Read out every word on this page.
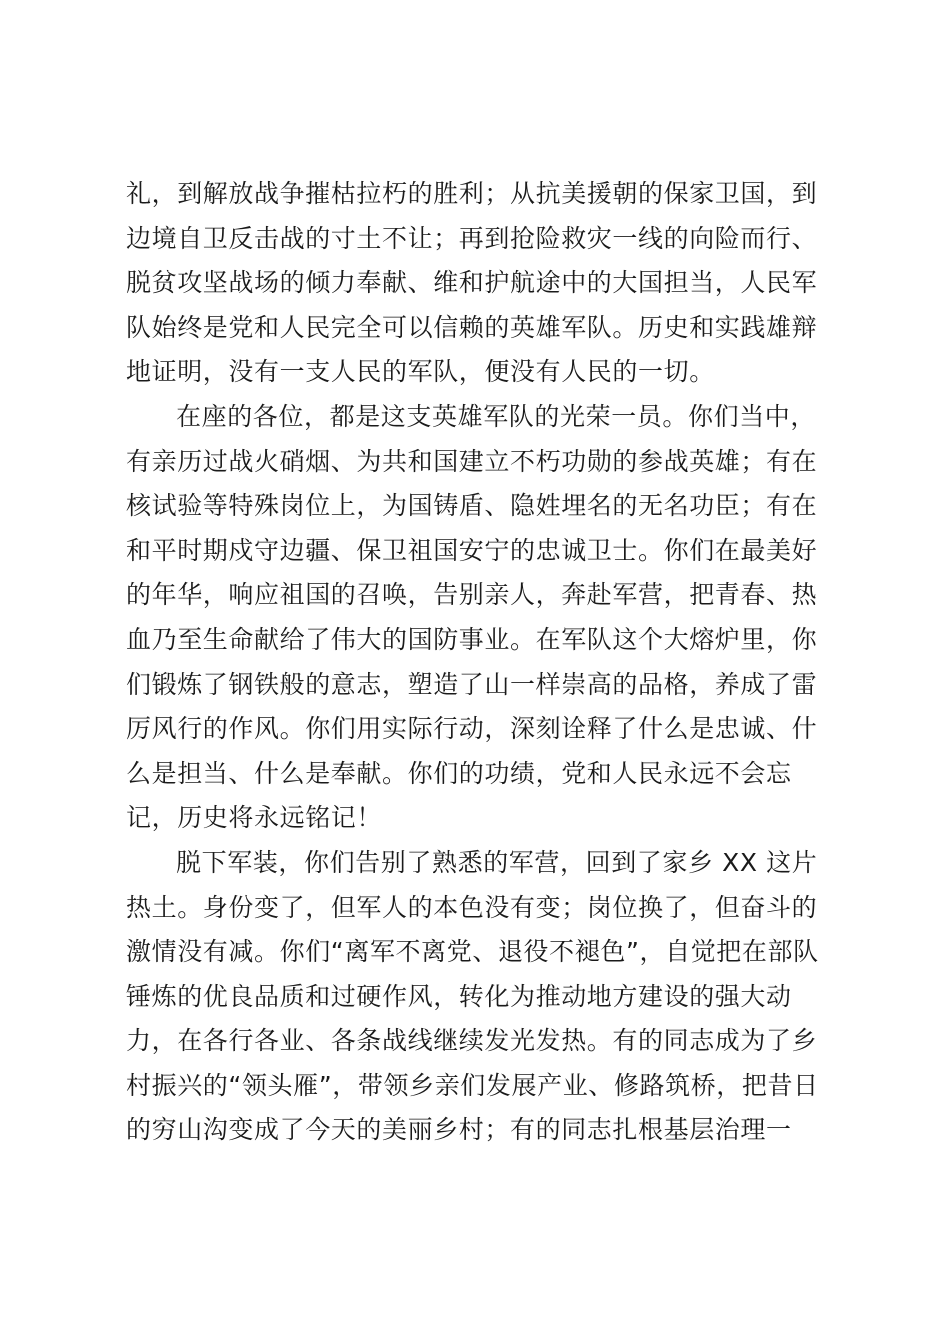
礼，到解放战争摧枯拉朽的胜利；从抗美援朝的保家卫国，到
边境自卫反击战的寸土不让；再到抢险救灾一线的向险而行、
脱贫攻坚战场的倾力奉献、维和护航途中的大国担当，人民军
队始终是党和人民完全可以信赖的英雄军队。历史和实践雄辩
地证明，没有一支人民的军队，便没有人民的一切。
在座的各位，都是这支英雄军队的光荣一员。你们当中，
有亲历过战火硝烟、为共和国建立不朽功勋的参战英雄；有在
核试验等特殊岗位上，为国铸盾、隐姓埋名的无名功臣；有在
和平时期戍守边疆、保卫祖国安宁的忠诚卫士。你们在最美好
的年华，响应祖国的召唤，告别亲人，奔赴军营，把青春、热
血乃至生命献给了伟大的国防事业。在军队这个大熔炉里，你
们锻炼了钢铁般的意志，塑造了山一样崇高的品格，养成了雷
厉风行的作风。你们用实际行动，深刻诠释了什么是忠诚、什
么是担当、什么是奉献。你们的功绩，党和人民永远不会忘
记，历史将永远铭记！
脱下军装，你们告别了熟悉的军营，回到了家乡 XX 这片
热土。身份变了，但军人的本色没有变；岗位换了，但奋斗的
激情没有减。你们“离军不离党、退役不褪色”，自觉把在部队
锤炼的优良品质和过硬作风，转化为推动地方建设的强大动
力，在各行各业、各条战线继续发光发热。有的同志成为了乡
村振兴的“领头雁”，带领乡亲们发展产业、修路筑桥，把昔日
的穷山沟变成了今天的美丽乡村；有的同志扎根基层治理一
